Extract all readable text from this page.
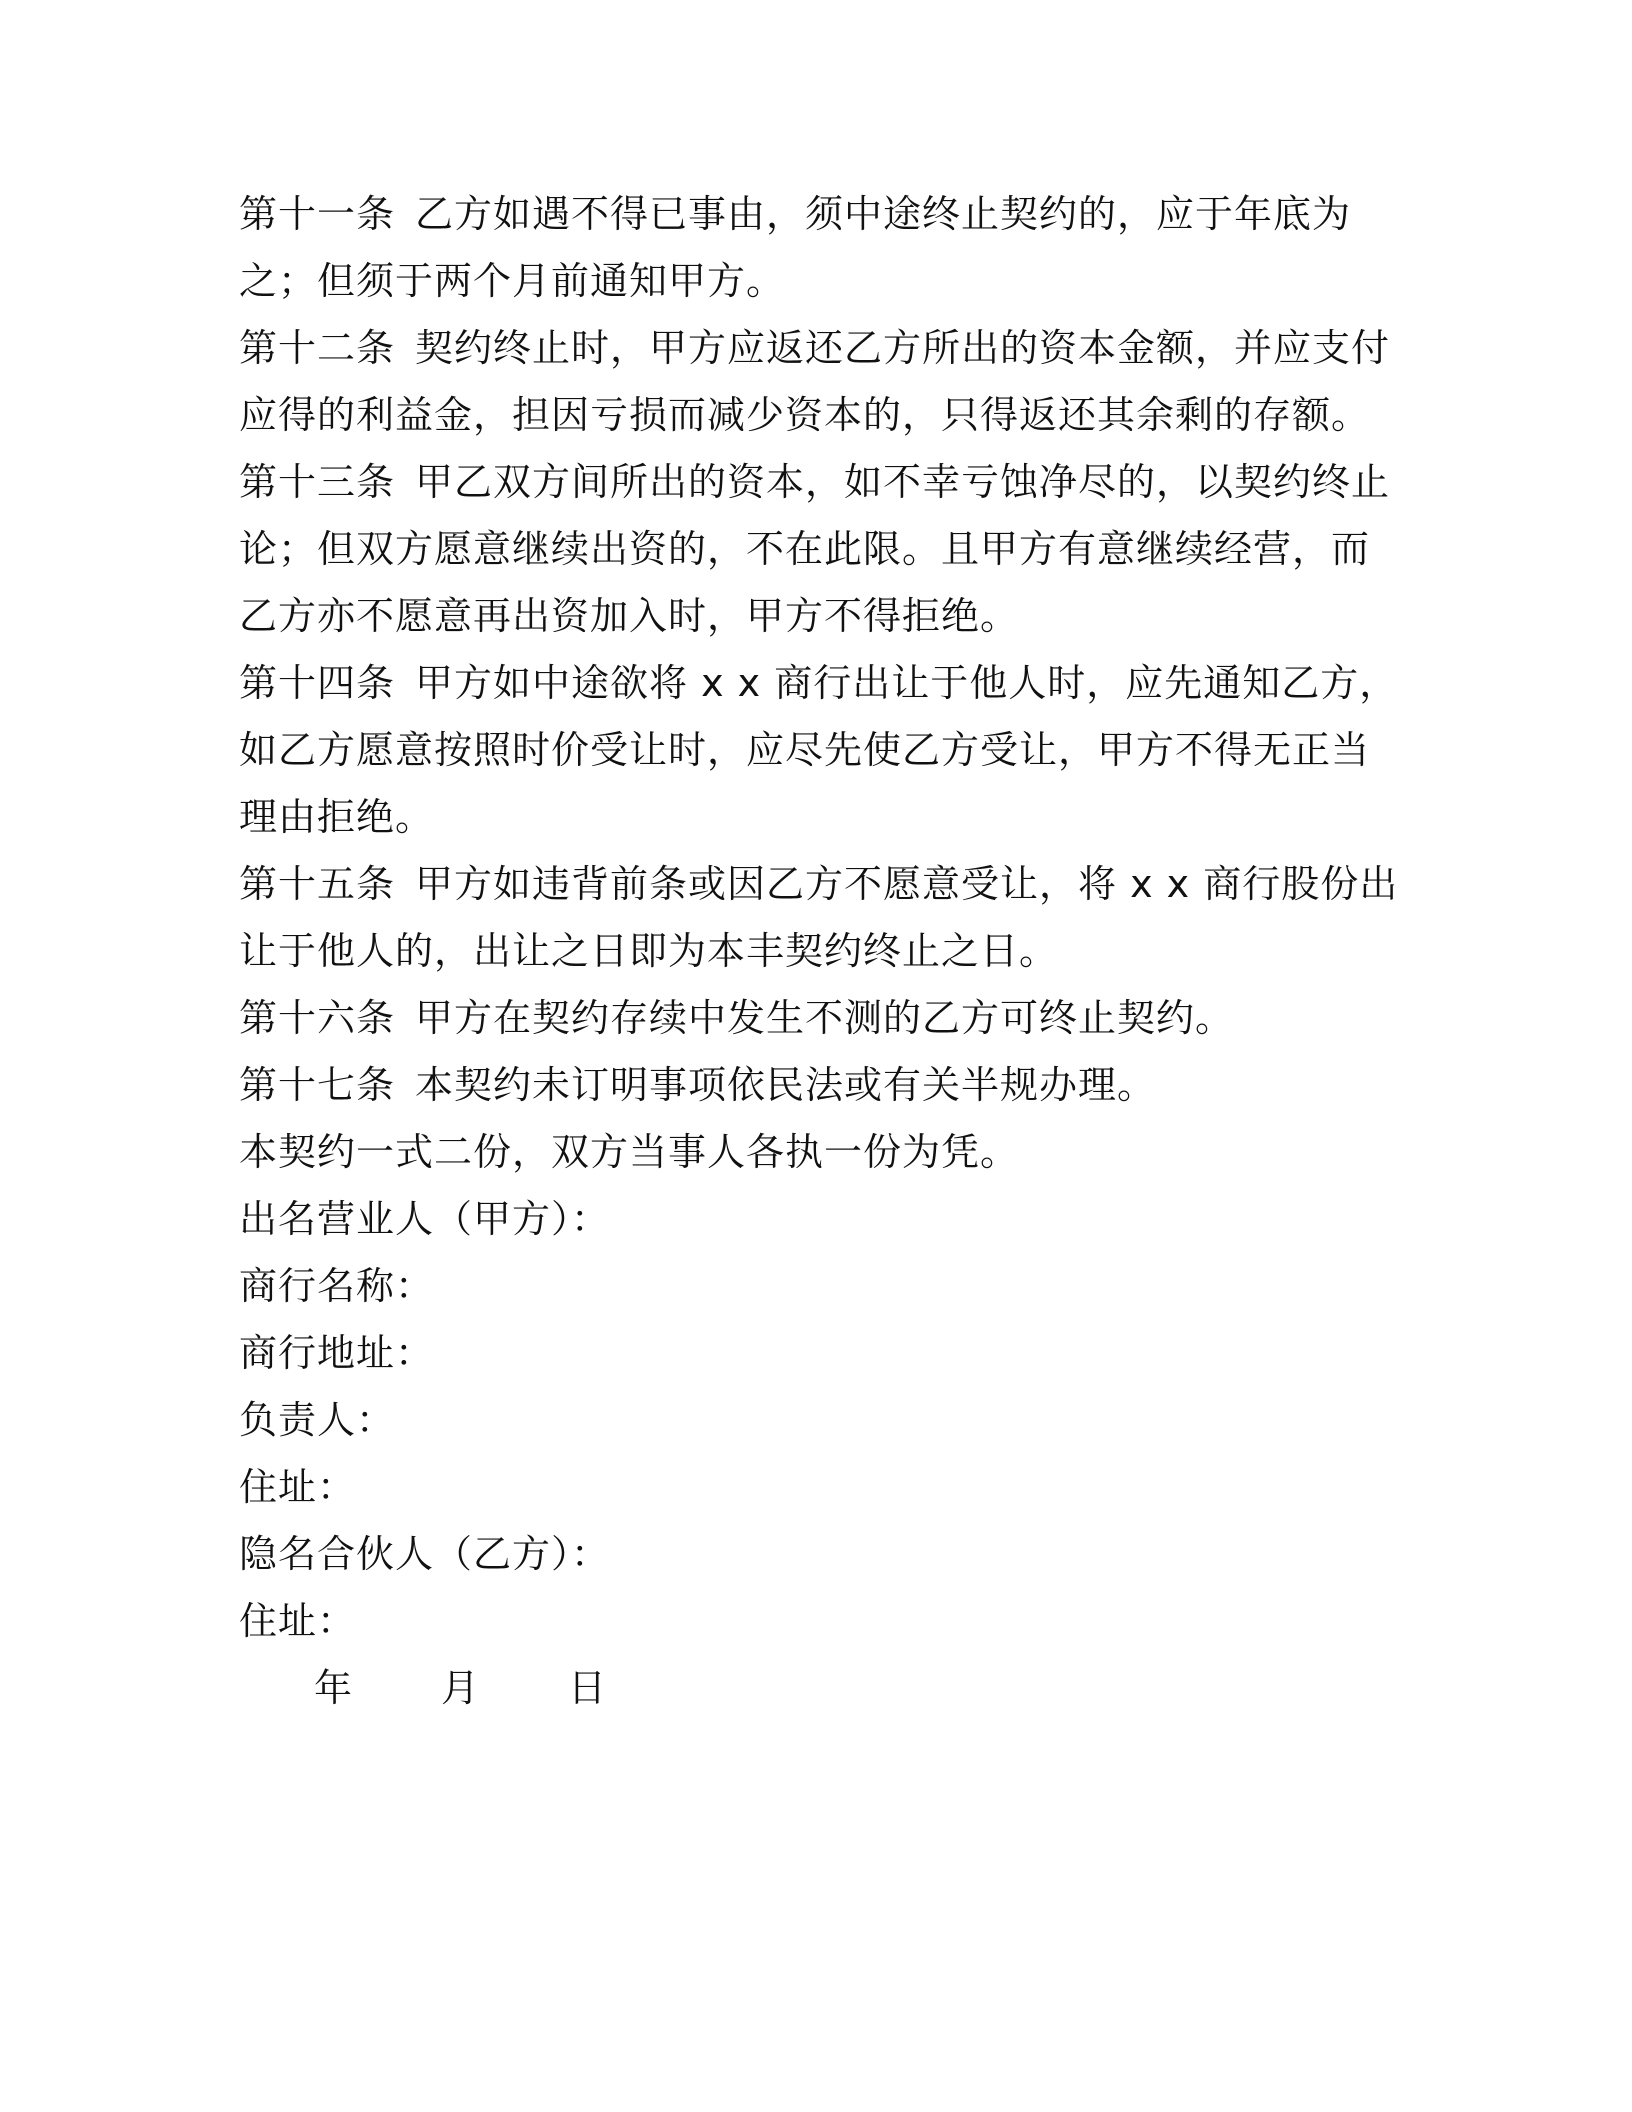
第十一条 乙方如遇不得已事由，须中途终止契约的，应于年底为之；但须于两个月前通知甲方。

第十二条 契约终止时，甲方应返还乙方所出的资本金额，并应支付应得的利益金，担因亏损而减少资本的，只得返还其余剩的存额。

第十三条 甲乙双方间所出的资本，如不幸亏蚀净尽的，以契约终止论；但双方愿意继续出资的，不在此限。且甲方有意继续经营，而乙方亦不愿意再出资加入时，甲方不得拒绝。

第十四条 甲方如中途欲将 x x 商行出让于他人时，应先通知乙方，如乙方愿意按照时价受让时，应尽先使乙方受让，甲方不得无正当理由拒绝。

第十五条 甲方如违背前条或因乙方不愿意受让，将 x x 商行股份出让于他人的，出让之日即为本丰契约终止之日。

第十六条 甲方在契约存续中发生不测的乙方可终止契约。

第十七条 本契约未订明事项依民法或有关半规办理。

本契约一式二份，双方当事人各执一份为凭。

出名营业人（甲方）：

商行名称：

商行地址：

负责人：

住址：

隐名合伙人（乙方）：

住址：

年 月 日
